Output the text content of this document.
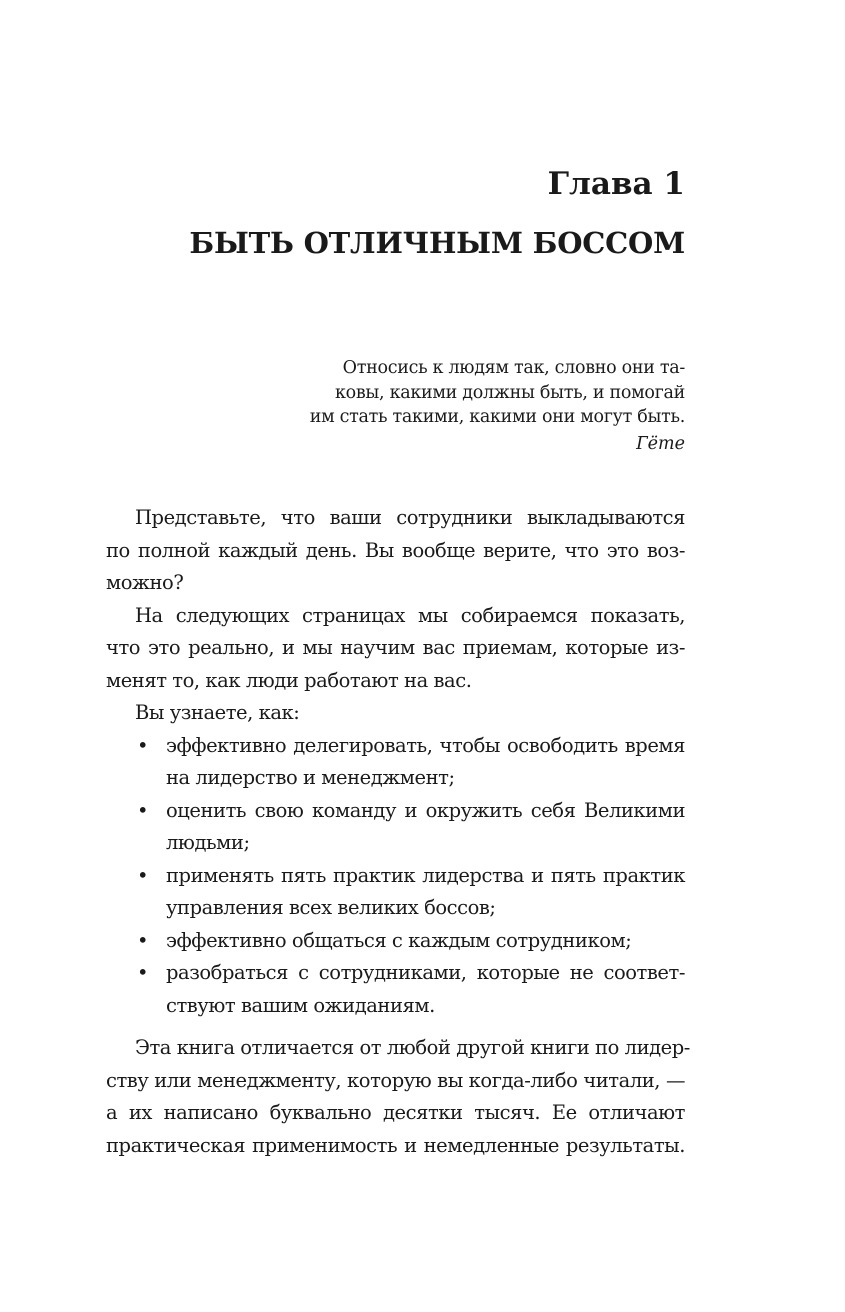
Глава 1
БЫТЬ ОТЛИЧНЫМ БОССОМ
Относись к людям так, словно они та-
ковы, какими должны быть, и помогай
им стать такими, какими они могут быть.
Гёте
Представьте, что ваши сотрудники выкладываются
по полной каждый день. Вы вообще верите, что это воз-
можно?
На следующих страницах мы собираемся показать,
что это реально, и мы научим вас приемам, которые из-
менят то, как люди работают на вас.
Вы узнаете, как:
• эффективно делегировать, чтобы освободить время
на лидерство и менеджмент;
• оценить свою команду и окружить себя Великими
людьми;
• применять пять практик лидерства и пять практик
управления всех великих боссов;
• эффективно общаться с каждым сотрудником;
• разобраться с сотрудниками, которые не соответ-
ствуют вашим ожиданиям.
Эта книга отличается от любой другой книги по лидер-
ству или менеджменту, которую вы когда-либо читали, —
а их написано буквально десятки тысяч. Ее отличают
практическая применимость и немедленные результаты.
